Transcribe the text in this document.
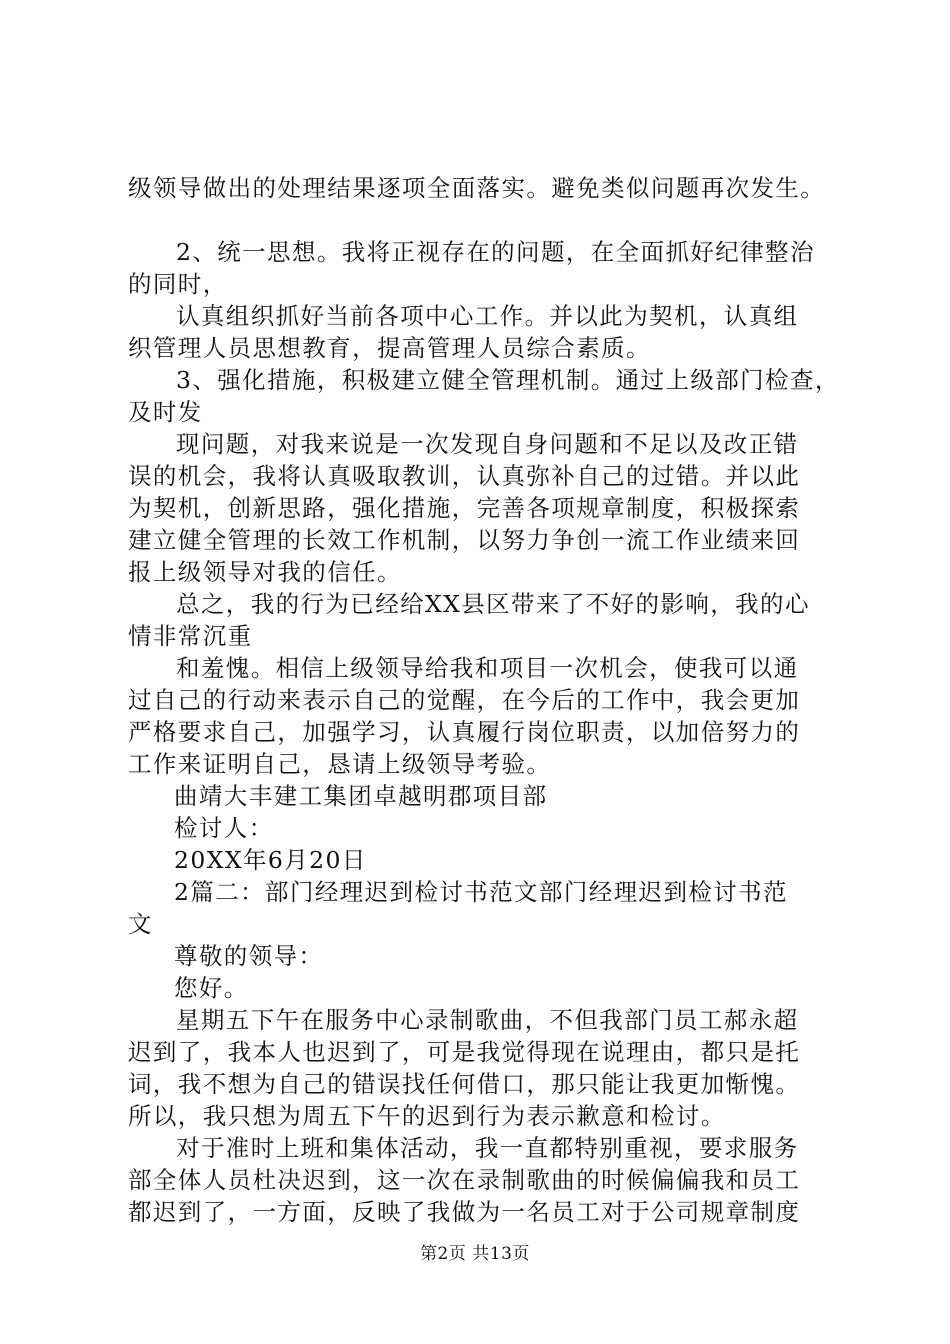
级领导做出的处理结果逐项全面落实。避免类似问题再次发生。
2、统一思想。我将正视存在的问题，在全面抓好纪律整治
的同时，
认真组织抓好当前各项中心工作。并以此为契机，认真组
织管理人员思想教育，提高管理人员综合素质。
3、强化措施，积极建立健全管理机制。通过上级部门检查，
及时发
现问题，对我来说是一次发现自身问题和不足以及改正错
误的机会，我将认真吸取教训，认真弥补自己的过错。并以此
为契机，创新思路，强化措施，完善各项规章制度，积极探索
建立健全管理的长效工作机制，以努力争创一流工作业绩来回
报上级领导对我的信任。
总之，我的行为已经给XX县区带来了不好的影响，我的心
情非常沉重
和羞愧。相信上级领导给我和项目一次机会，使我可以通
过自己的行动来表示自己的觉醒，在今后的工作中，我会更加
严格要求自己，加强学习，认真履行岗位职责，以加倍努力的
工作来证明自己，恳请上级领导考验。
曲靖大丰建工集团卓越明郡项目部
检讨人：
20XX年6月20日
2篇二：部门经理迟到检讨书范文部门经理迟到检讨书范
文
尊敬的领导：
您好。
星期五下午在服务中心录制歌曲，不但我部门员工郝永超
迟到了，我本人也迟到了，可是我觉得现在说理由，都只是托
词，我不想为自己的错误找任何借口，那只能让我更加惭愧。
所以，我只想为周五下午的迟到行为表示歉意和检讨。
对于准时上班和集体活动，我一直都特别重视，要求服务
部全体人员杜决迟到，这一次在录制歌曲的时候偏偏我和员工
都迟到了，一方面，反映了我做为一名员工对于公司规章制度
第2页 共13页
